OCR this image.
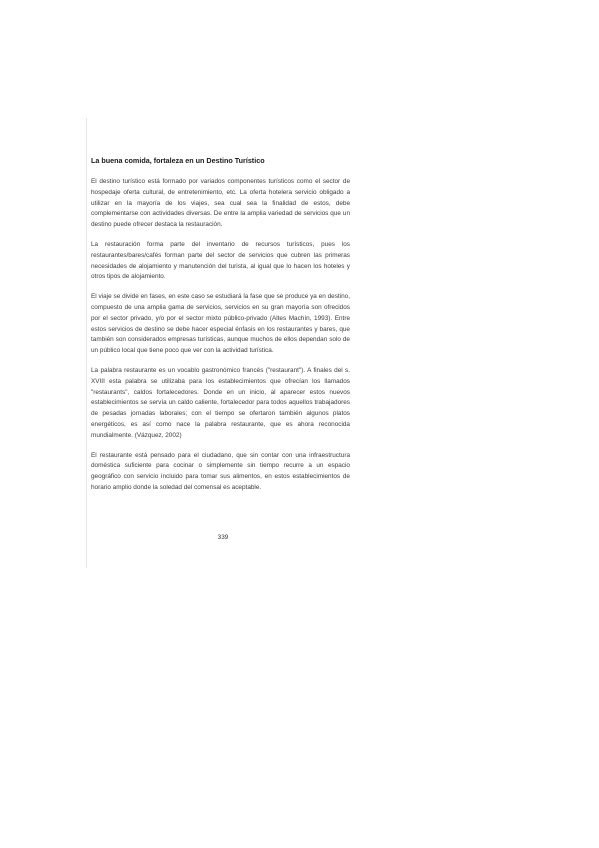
La buena comida, fortaleza en un Destino Turístico

El destino turístico está formado por variados componentes turísticos como el sector de hospedaje oferta cultural, de entretenimiento, etc. La oferta hotelera servicio obligado a utilizar en la mayoría de los viajes, sea cual sea la finalidad de estos, debe complementarse con actividades diversas. De entre la amplia variedad de servicios que un destino puede ofrecer destaca la restauración.

La restauración forma parte del inventario de recursos turísticos, pues los restaurantes/bares/cafés forman parte del sector de servicios que cubren las primeras necesidades de alojamiento y manutención del turista, al igual que lo hacen los hoteles y otros tipos de alojamiento.

El viaje se divide en fases, en este caso se estudiará la fase que se produce ya en destino, compuesto de una amplia gama de servicios, servicios en su gran mayoría son ofrecidos por el sector privado, y/o por el sector mixto público-privado (Altes Machín, 1993). Entre estos servicios de destino se debe hacer especial énfasis en los restaurantes y bares, que también son considerados empresas turísticas, aunque muchos de ellos dependan solo de un público local que tiene poco que ver con la actividad turística.

La palabra restaurante es un vocablo gastronómico francés ("restaurant"). A finales del s. XVIII esta palabra se utilizaba para los establecimientos que ofrecían los llamados "restaurants", caldos fortalecedores. Donde en un inicio, al aparecer estos nuevos establecimientos se servía un caldo caliente, fortalecedor para todos aquellos trabajadores de pesadas jornadas laborales; con el tiempo se ofertaron también algunos platos energéticos, es así como nace la palabra restaurante, que es ahora reconocida mundialmente. (Vázquez, 2002)

El restaurante está pensado para el ciudadano, que sin contar con una infraestructura doméstica suficiente para cocinar o simplemente sin tiempo recurre a un espacio geográfico con servicio incluido para tomar sus alimentos, en estos establecimientos de horario amplio donde la soledad del comensal es aceptable.

339
